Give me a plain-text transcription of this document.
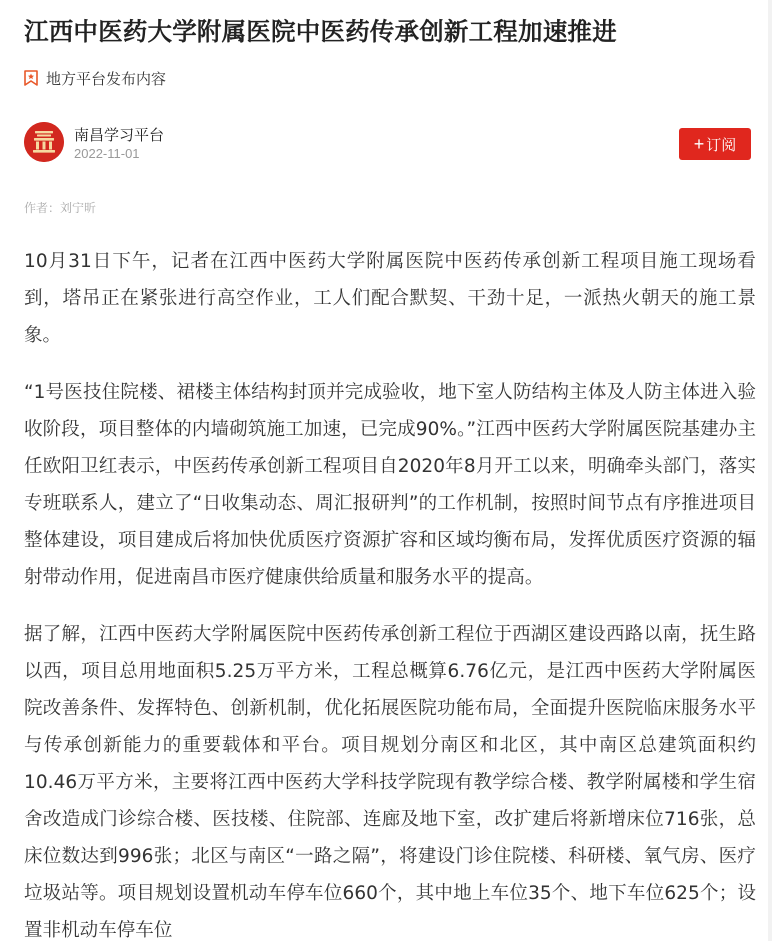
江西中医药大学附属医院中医药传承创新工程加速推进
地方平台发布内容
南昌学习平台
2022-11-01	+ 订阅
作者：刘宁昕

10月31日下午，记者在江西中医药大学附属医院中医药传承创新工程项目施工现场看到，塔吊正在紧张进行高空作业，工人们配合默契、干劲十足，一派热火朝天的施工景象。

“1号医技住院楼、裙楼主体结构封顶并完成验收，地下室人防结构主体及人防主体进入验收阶段，项目整体的内墙砌筑施工加速，已完成90%。”江西中医药大学附属医院基建办主任欧阳卫红表示，中医药传承创新工程项目自2020年8月开工以来，明确牵头部门，落实专班联系人，建立了“日收集动态、周汇报研判”的工作机制，按照时间节点有序推进项目整体建设，项目建成后将加快优质医疗资源扩容和区域均衡布局，发挥优质医疗资源的辐射带动作用，促进南昌市医疗健康供给质量和服务水平的提高。

据了解，江西中医药大学附属医院中医药传承创新工程位于西湖区建设西路以南，抚生路以西，项目总用地面积5.25万平方米，工程总概算6.76亿元，是江西中医药大学附属医院改善条件、发挥特色、创新机制，优化拓展医院功能布局，全面提升医院临床服务水平与传承创新能力的重要载体和平台。项目规划分南区和北区，其中南区总建筑面积约10.46万平方米，主要将江西中医药大学科技学院现有教学综合楼、教学附属楼和学生宿舍改造成门诊综合楼、医技楼、住院部、连廊及地下室，改扩建后将新增床位716张，总床位数达到996张；北区与南区“一路之隔”，将建设门诊住院楼、科研楼、氧气房、医疗垃圾站等。项目规划设置机动车停车位660个，其中地上车位35个、地下车位625个；设置非机动车停车位
